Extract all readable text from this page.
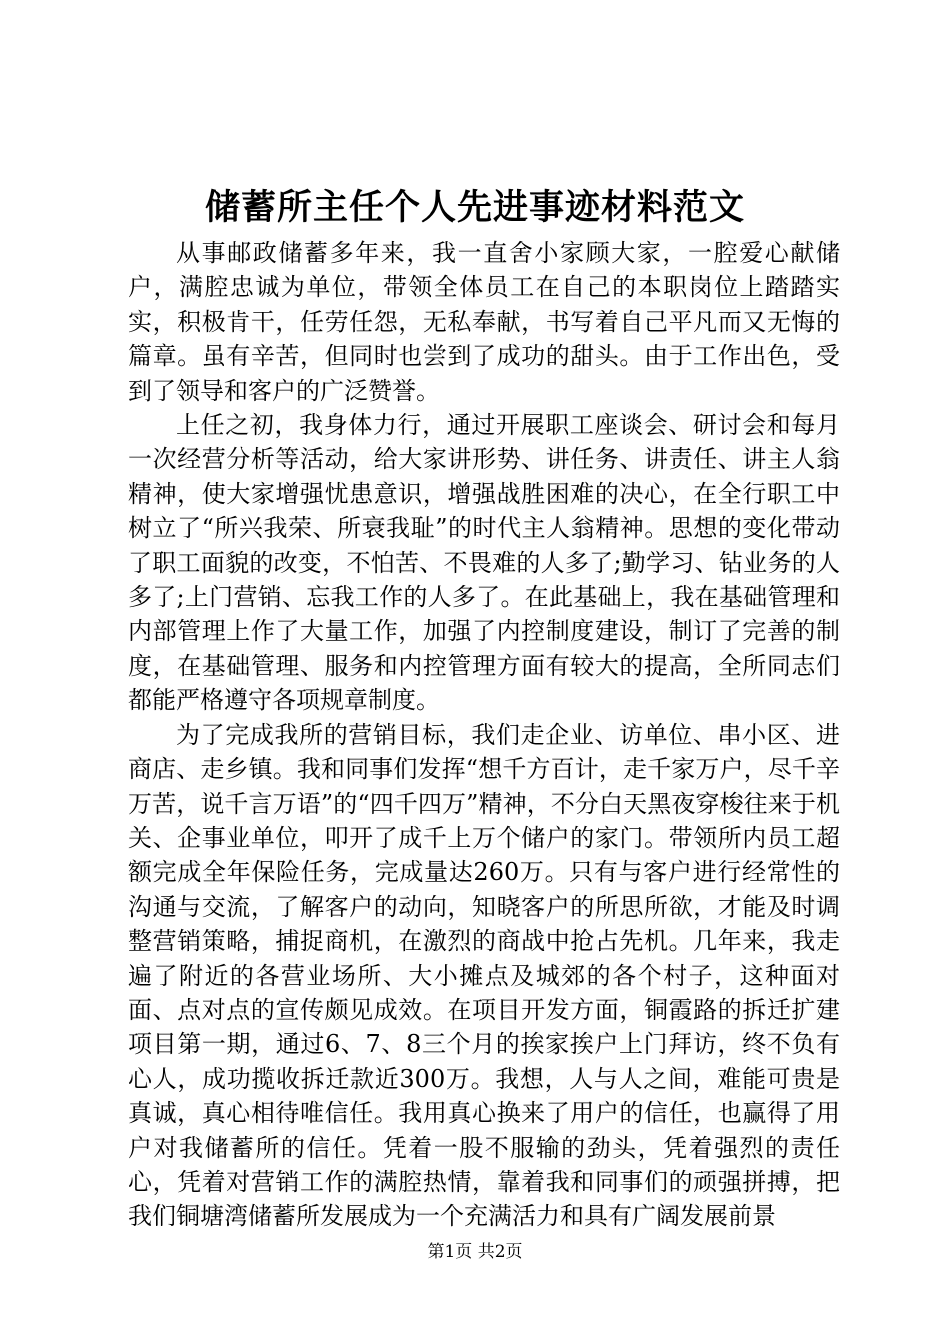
储蓄所主任个人先进事迹材料范文

从事邮政储蓄多年来，我一直舍小家顾大家，一腔爱心献储户，满腔忠诚为单位，带领全体员工在自己的本职岗位上踏踏实实，积极肯干，任劳任怨，无私奉献，书写着自己平凡而又无悔的篇章。虽有辛苦，但同时也尝到了成功的甜头。由于工作出色，受到了领导和客户的广泛赞誉。

上任之初，我身体力行，通过开展职工座谈会、研讨会和每月一次经营分析等活动，给大家讲形势、讲任务、讲责任、讲主人翁精神，使大家增强忧患意识，增强战胜困难的决心，在全行职工中树立了“所兴我荣、所衰我耻”的时代主人翁精神。思想的变化带动了职工面貌的改变，不怕苦、不畏难的人多了;勤学习、钻业务的人多了;上门营销、忘我工作的人多了。在此基础上，我在基础管理和内部管理上作了大量工作，加强了内控制度建设，制订了完善的制度，在基础管理、服务和内控管理方面有较大的提高，全所同志们都能严格遵守各项规章制度。

为了完成我所的营销目标，我们走企业、访单位、串小区、进商店、走乡镇。我和同事们发挥“想千方百计，走千家万户，尽千辛万苦，说千言万语”的“四千四万”精神，不分白天黑夜穿梭往来于机关、企事业单位，叩开了成千上万个储户的家门。带领所内员工超额完成全年保险任务，完成量达260万。只有与客户进行经常性的沟通与交流，了解客户的动向，知晓客户的所思所欲，才能及时调整营销策略，捕捉商机，在激烈的商战中抢占先机。几年来，我走遍了附近的各营业场所、大小摊点及城郊的各个村子，这种面对面、点对点的宣传颇见成效。在项目开发方面，铜霞路的拆迁扩建项目第一期，通过6、7、8三个月的挨家挨户上门拜访，终不负有心人，成功揽收拆迁款近300万。我想，人与人之间，难能可贵是真诚，真心相待唯信任。我用真心换来了用户的信任，也赢得了用户对我储蓄所的信任。凭着一股不服输的劲头，凭着强烈的责任心，凭着对营销工作的满腔热情，靠着我和同事们的顽强拼搏，把我们铜塘湾储蓄所发展成为一个充满活力和具有广阔发展前景

第1页 共2页
